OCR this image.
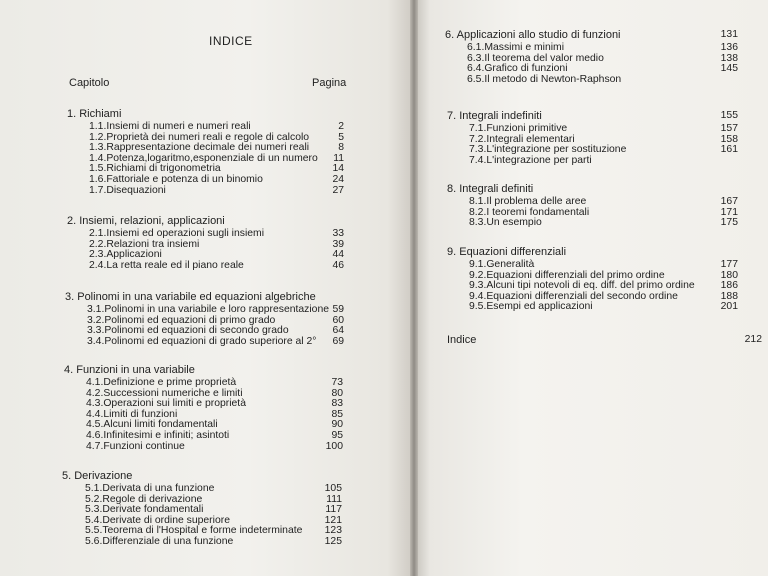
INDICE
Capitolo	Pagina
1. Richiami
1.1.Insiemi di numeri e numeri reali	2
1.2.Proprietà dei numeri reali e regole di calcolo	5
1.3.Rappresentazione decimale dei numeri reali	8
1.4.Potenza,logaritmo,esponenziale di un numero 11
1.5.Richiami di trigonometria	14
1.6.Fattoriale e potenza di un binomio	24
1.7.Disequazioni	27
2. Insiemi, relazioni, applicazioni
2.1.Insiemi ed operazioni sugli insiemi	33
2.2.Relazioni tra insiemi	39
2.3.Applicazioni	44
2.4.La retta reale ed il piano reale	46
3. Polinomi in una variabile ed equazioni algebriche
3.1.Polinomi in una variabile e loro rappresentazione 59
3.2.Polinomi ed equazioni di primo grado	60
3.3.Polinomi ed equazioni di secondo grado	64
3.4.Polinomi ed equazioni di grado superiore al 2° 69
4. Funzioni in una variabile
4.1.Definizione e prime proprietà	73
4.2.Successioni numeriche e limiti	80
4.3.Operazioni sui limiti e proprietà	83
4.4.Limiti di funzioni	85
4.5.Alcuni limiti fondamentali	90
4.6.Infinitesimi e infiniti; asintoti	95
4.7.Funzioni continue	100
5. Derivazione
5.1.Derivata di una funzione	105
5.2.Regole di derivazione	111
5.3.Derivate fondamentali	117
5.4.Derivate di ordine superiore	121
5.5.Teorema di l'Hospital e forme indeterminate 123
5.6.Differenziale di una funzione	125
6. Applicazioni allo studio di funzioni	131
6.1.Massimi e minimi	136
6.3.Il teorema del valor medio	138
6.4.Grafico di funzioni	145
6.5.Il metodo di Newton-Raphson
7. Integrali indefiniti	155
7.1.Funzioni primitive	157
7.2.Integrali elementari	158
7.3.L'integrazione per sostituzione	161
7.4.L'integrazione per parti
8. Integrali definiti
8.1.Il problema delle aree	167
8.2.I teoremi fondamentali	171
8.3.Un esempio	175
9. Equazioni differenziali
9.1.Generalità	177
9.2.Equazioni differenziali del primo ordine	180
9.3.Alcuni tipi notevoli di eq. diff. del primo ordine	186
9.4.Equazioni differenziali del secondo ordine	188
9.5.Esempi ed applicazioni	201
Indice	212
